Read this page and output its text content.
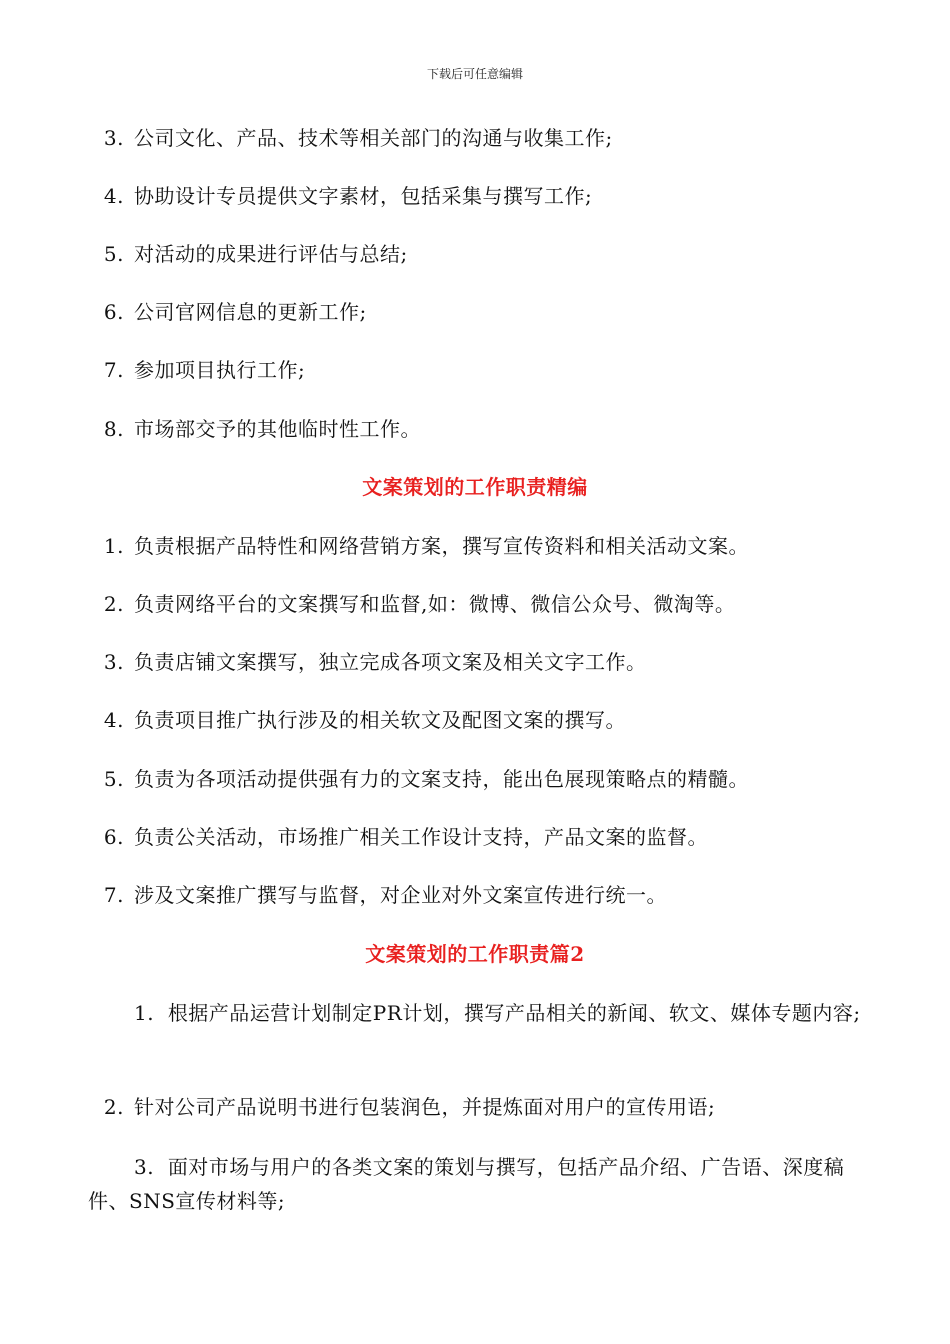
下载后可任意编辑
3. 公司文化、产品、技术等相关部门的沟通与收集工作;
4. 协助设计专员提供文字素材，包括采集与撰写工作;
5. 对活动的成果进行评估与总结;
6. 公司官网信息的更新工作;
7. 参加项目执行工作;
8. 市场部交予的其他临时性工作。
文案策划的工作职责精编
1. 负责根据产品特性和网络营销方案，撰写宣传资料和相关活动文案。
2. 负责网络平台的文案撰写和监督,如：微博、微信公众号、微淘等。
3. 负责店铺文案撰写，独立完成各项文案及相关文字工作。
4. 负责项目推广执行涉及的相关软文及配图文案的撰写。
5. 负责为各项活动提供强有力的文案支持，能出色展现策略点的精髓。
6. 负责公关活动，市场推广相关工作设计支持，产品文案的监督。
7. 涉及文案推广撰写与监督，对企业对外文案宣传进行统一。
文案策划的工作职责篇2
1. 根据产品运营计划制定PR计划，撰写产品相关的新闻、软文、媒体专题内容;
2. 针对公司产品说明书进行包装润色，并提炼面对用户的宣传用语;
3. 面对市场与用户的各类文案的策划与撰写，包括产品介绍、广告语、深度稿件、SNS宣传材料等;
